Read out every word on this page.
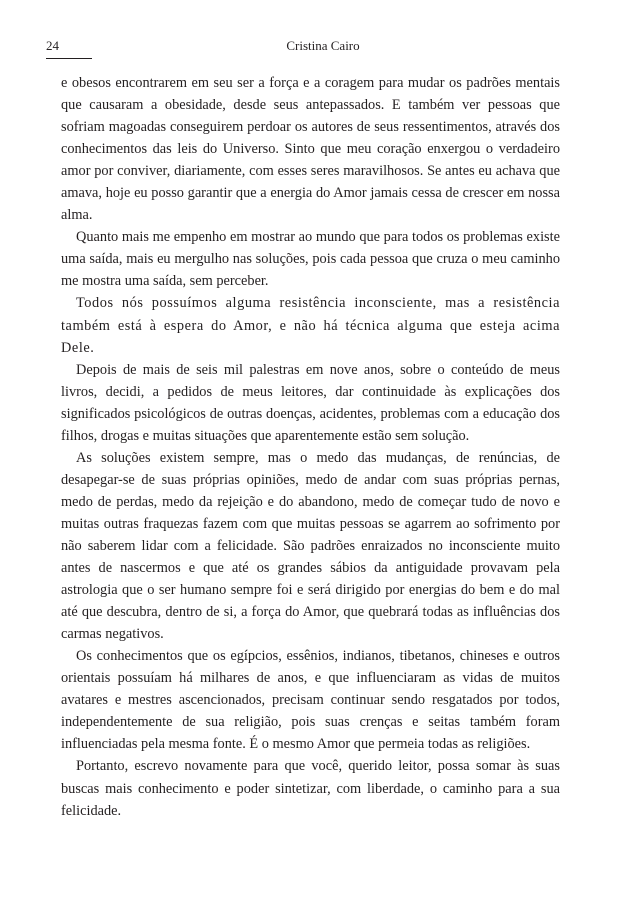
24	Cristina Cairo

e obesos encontrarem em seu ser a força e a coragem para mudar os padrões mentais que causaram a obesidade, desde seus antepassados. E também ver pessoas que sofriam magoadas conseguirem perdoar os autores de seus ressentimentos, através dos conhecimentos das leis do Universo. Sinto que meu coração enxergou o verdadeiro amor por conviver, diariamente, com esses seres maravilhosos. Se antes eu achava que amava, hoje eu posso garantir que a energia do Amor jamais cessa de crescer em nossa alma.

Quanto mais me empenho em mostrar ao mundo que para todos os problemas existe uma saída, mais eu mergulho nas soluções, pois cada pessoa que cruza o meu caminho me mostra uma saída, sem perceber.

Todos nós possuímos alguma resistência inconsciente, mas a resistência também está à espera do Amor, e não há técnica alguma que esteja acima Dele.

Depois de mais de seis mil palestras em nove anos, sobre o conteúdo de meus livros, decidi, a pedidos de meus leitores, dar continuidade às explicações dos significados psicológicos de outras doenças, acidentes, problemas com a educação dos filhos, drogas e muitas situações que aparentemente estão sem solução.

As soluções existem sempre, mas o medo das mudanças, de renúncias, de desapegar-se de suas próprias opiniões, medo de andar com suas próprias pernas, medo de perdas, medo da rejeição e do abandono, medo de começar tudo de novo e muitas outras fraquezas fazem com que muitas pessoas se agarrem ao sofrimento por não saberem lidar com a felicidade. São padrões enraizados no inconsciente muito antes de nascermos e que até os grandes sábios da antiguidade provavam pela astrologia que o ser humano sempre foi e será dirigido por energias do bem e do mal até que descubra, dentro de si, a força do Amor, que quebrará todas as influências dos carmas negativos.

Os conhecimentos que os egípcios, essênios, indianos, tibetanos, chineses e outros orientais possuíam há milhares de anos, e que influenciaram as vidas de muitos avatares e mestres ascencionados, precisam continuar sendo resgatados por todos, independentemente de sua religião, pois suas crenças e seitas também foram influenciadas pela mesma fonte. É o mesmo Amor que permeia todas as religiões.

Portanto, escrevo novamente para que você, querido leitor, possa somar às suas buscas mais conhecimento e poder sintetizar, com liberdade, o caminho para a sua felicidade.
